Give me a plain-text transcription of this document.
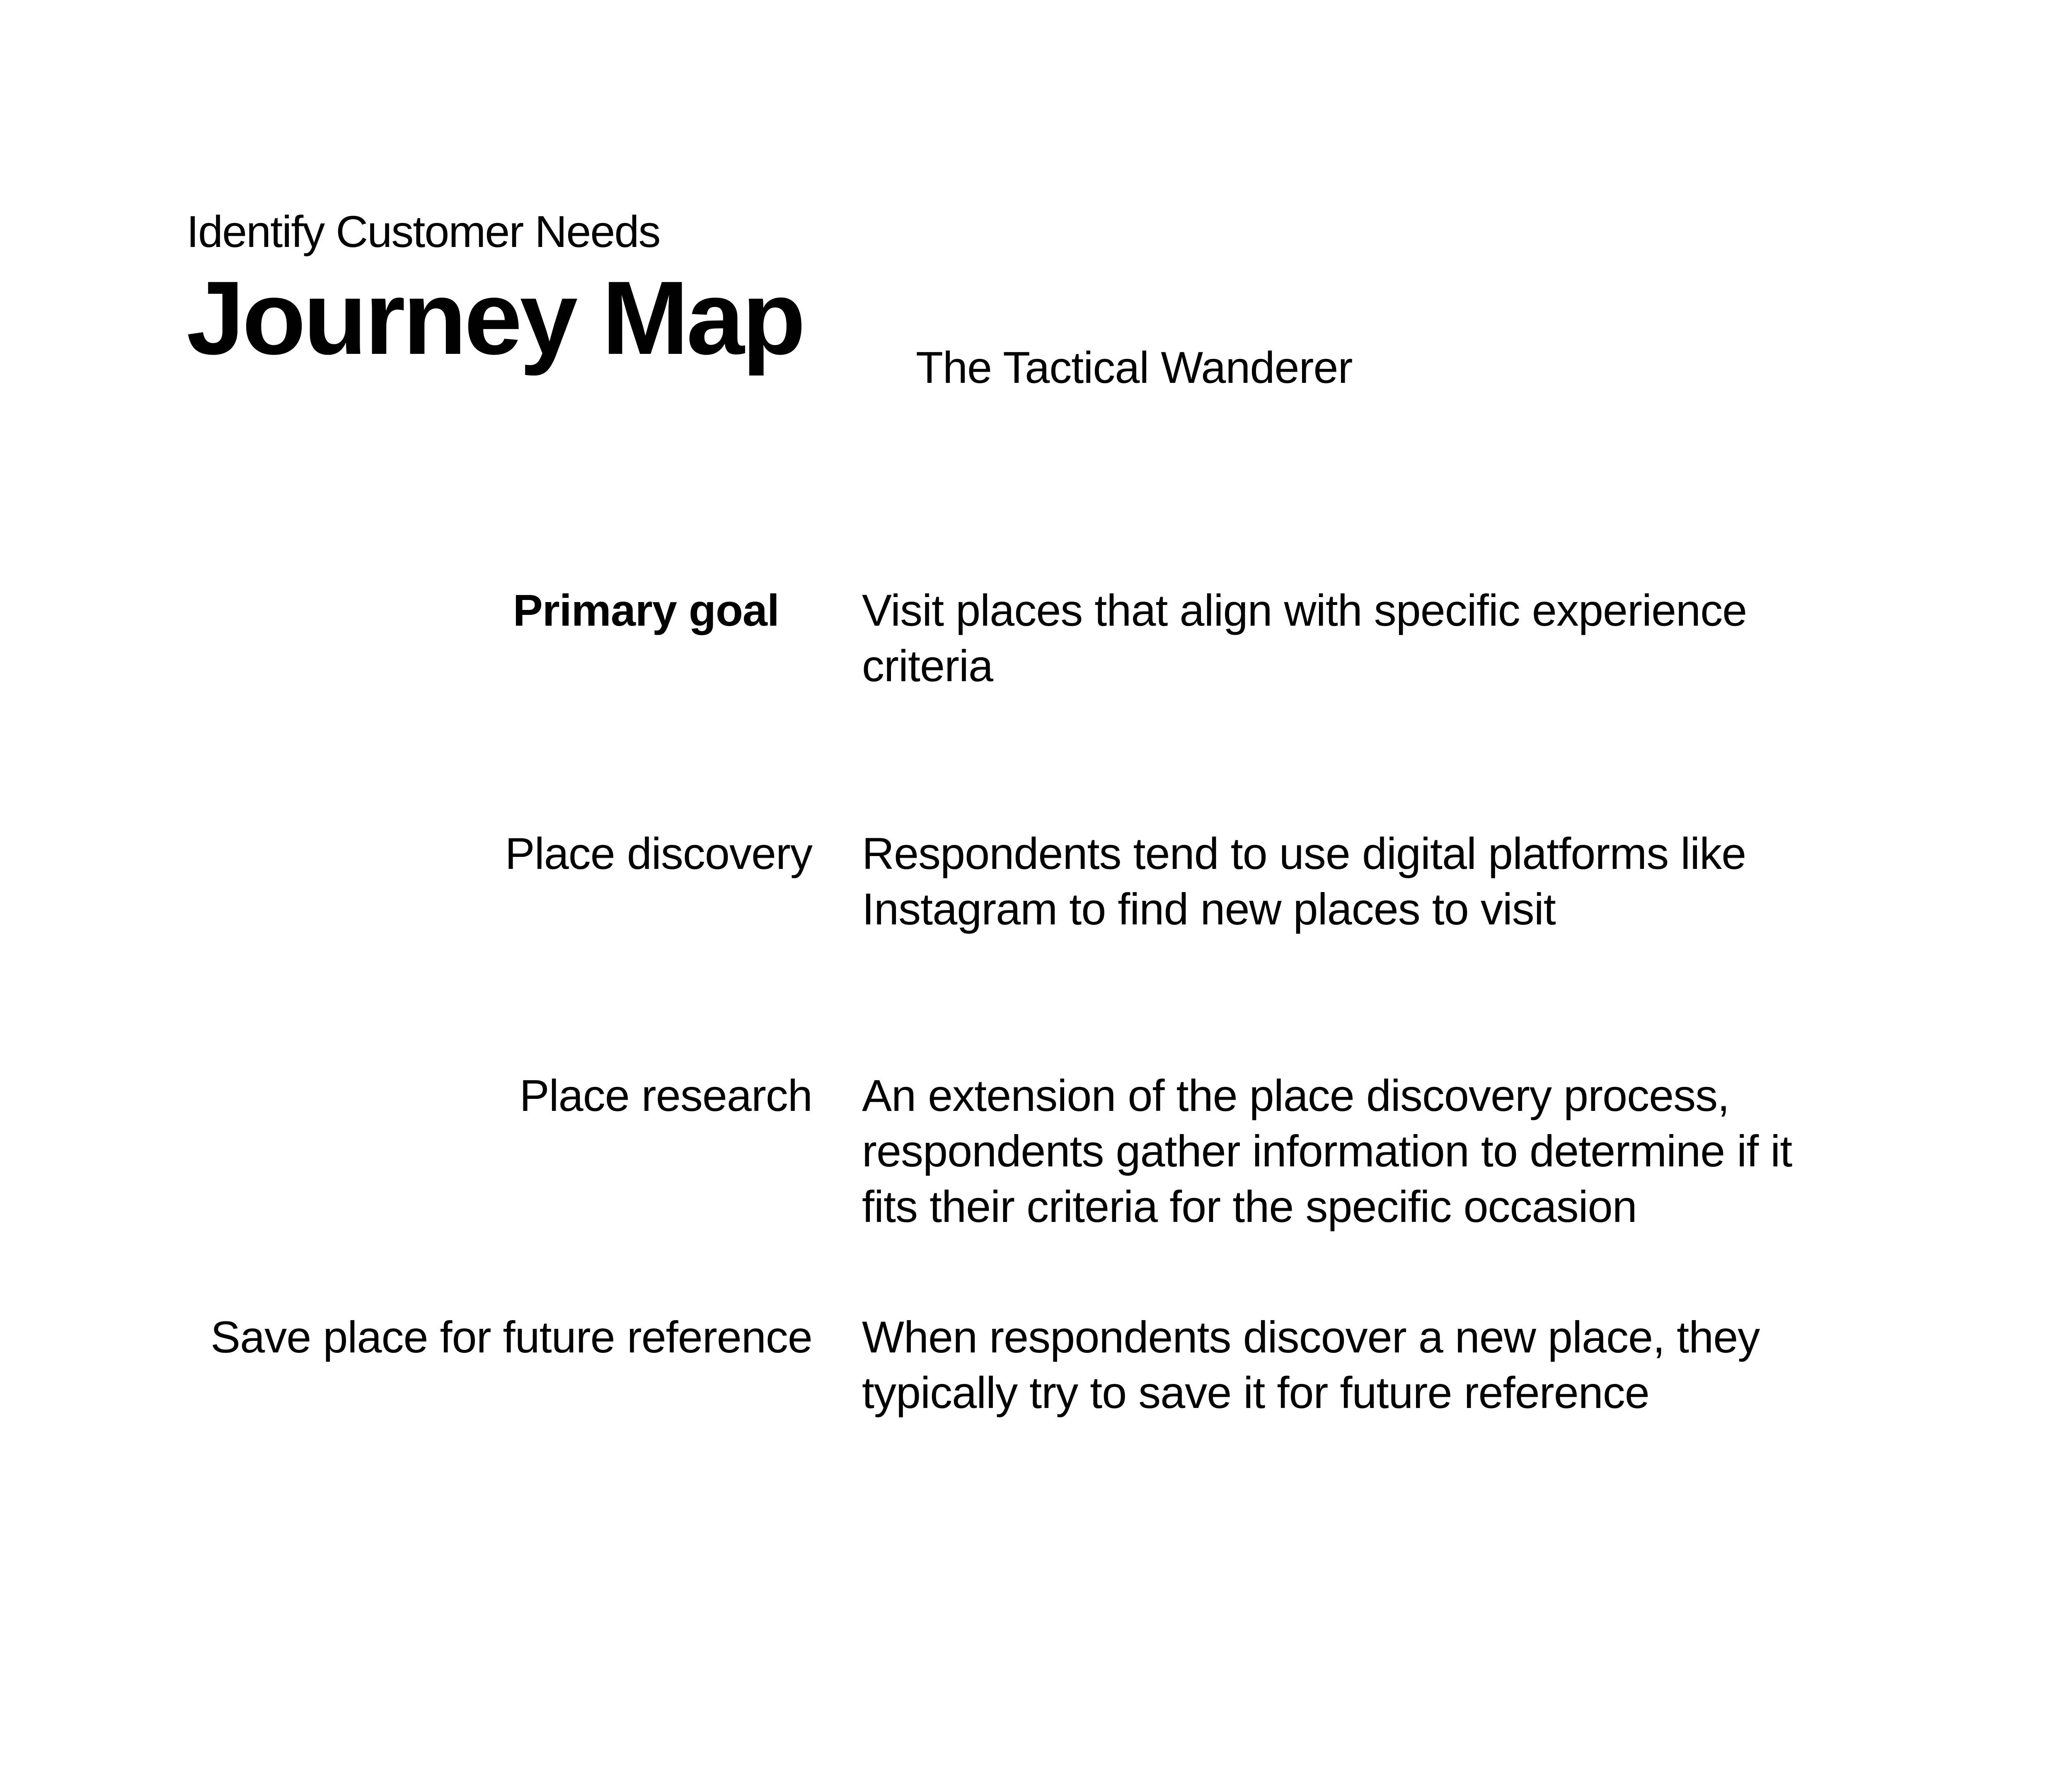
Identify Customer Needs
Journey Map	The Tactical Wanderer
Primary goal Visit places that align with specific experience criteria
Place discovery Respondents tend to use digital platforms like Instagram to find new places to visit
Place research An extension of the place discovery process, respondents gather information to determine if it fits their criteria for the specific occasion
Save place for future reference When respondents discover a new place, they typically try to save it for future reference
